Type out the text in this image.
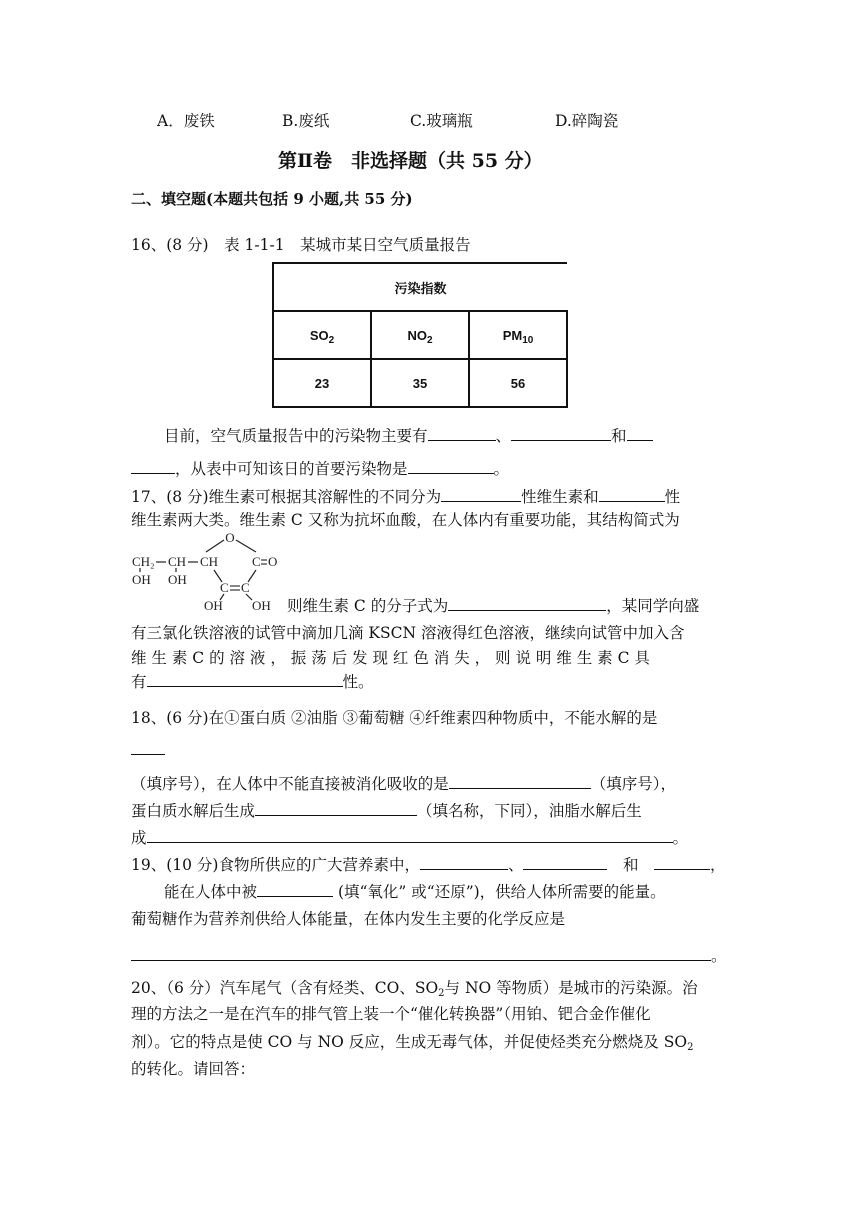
A．废铁	B.废纸	C.玻璃瓶	D.碎陶瓷
第Ⅱ卷　非选择题（共 55 分）
二、填空题(本题共包括 9 小题,共 55 分)
16、(8 分)　表 1-1-1　某城市某日空气质量报告
污染指数		
$SO_2$	$NO_2$	$PM_{10}$
23	35	56
目前，空气质量报告中的污染物主要有	、	和
，从表中可知该日的首要污染物是	。
17、(8 分)维生素可根据其溶解性的不同分为	性维生素和	性
维生素两大类。维生素 C 又称为抗坏血酸，在人体内有重要功能，其结构简式为
O
CH₂ CH CH	C O
C C
OH OH
OH OH 则维生素 C 的分子式为	，某同学向盛
有三氯化铁溶液的试管中滴加几滴 KSCN 溶液得红色溶液，继续向试管中加入含
维 生 素 C 的 溶 液 ， 振 荡 后 发 现 红 色 消 失 ， 则 说 明 维 生 素 C 具
有	性。
18、(6 分)在①蛋白质 ②油脂 ③葡萄糖 ④纤维素四种物质中，不能水解的是
（填序号），在人体中不能直接被消化吸收的是	（填序号），
蛋白质水解后生成	（填名称，下同），油脂水解后生
成	。
19、(10 分)食物所供应的广大营养素中，	、　	和　	，
能在人体中被	(填“氧化” 或“还原”)，供给人体所需要的能量。
葡萄糖作为营养剂供给人体能量，在体内发生主要的化学反应是
。
20、（6 分）汽车尾气（含有烃类、CO、$SO_2$与 NO 等物质）是城市的污染源。治
理的方法之一是在汽车的排气管上装一个“催化转换器”（用铂、钯合金作催化
剂）。它的特点是使 CO 与 NO 反应，生成无毒气体，并促使烃类充分燃烧及 $SO_2$
的转化。请回答：
